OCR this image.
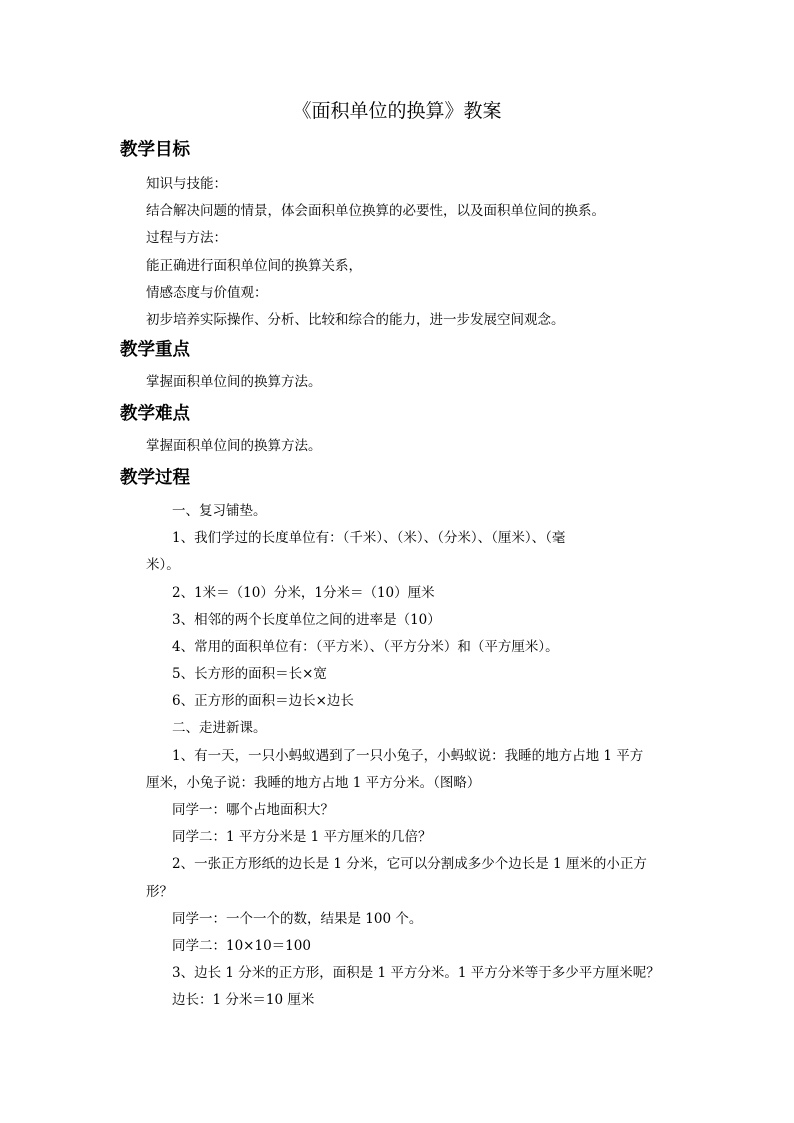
《面积单位的换算》教案
教学目标

知识与技能：

结合解决问题的情景，体会面积单位换算的必要性，以及面积单位间的换系。

过程与方法：

能正确进行面积单位间的换算关系，

情感态度与价值观：

初步培养实际操作、分析、比较和综合的能力，进一步发展空间观念。

教学重点

掌握面积单位间的换算方法。

教学难点

掌握面积单位间的换算方法。

教学过程

一、复习铺垫。

1、我们学过的长度单位有：（千米）、（米）、（分米）、（厘米）、（毫

米）。

2、1米＝（10）分米，1分米＝（10）厘米

3、相邻的两个长度单位之间的进率是（10）

4、常用的面积单位有：（平方米）、（平方分米）和（平方厘米）。

5、长方形的面积＝长×宽

6、正方形的面积＝边长×边长

二、走进新课。

1、有一天，一只小蚂蚁遇到了一只小兔子，小蚂蚁说：我睡的地方占地 1 平方

厘米，小兔子说：我睡的地方占地 1 平方分米。（图略）

同学一：哪个占地面积大？

同学二：1 平方分米是 1 平方厘米的几倍？

2、一张正方形纸的边长是 1 分米，它可以分割成多少个边长是 1 厘米的小正方

形？

同学一：一个一个的数，结果是 100 个。

同学二：10×10＝100

3、边长 1 分米的正方形，面积是 1 平方分米。1 平方分米等于多少平方厘米呢？

边长：1 分米＝10 厘米
